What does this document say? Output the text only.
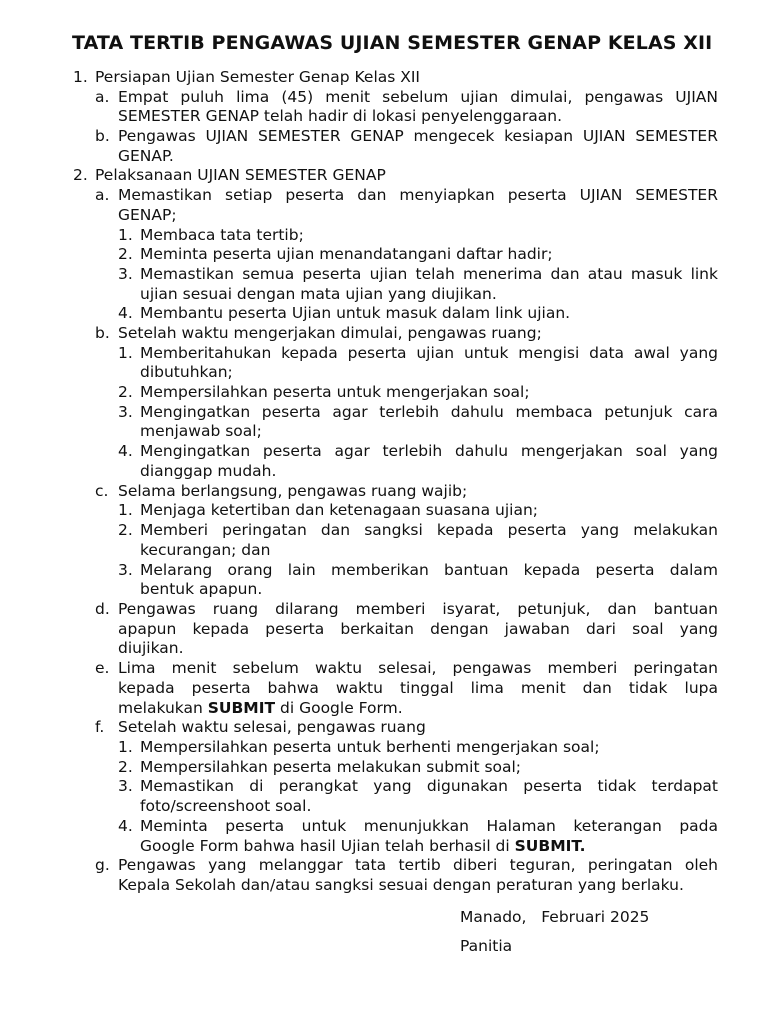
TATA TERTIB PENGAWAS UJIAN SEMESTER GENAP KELAS XII
1. Persiapan Ujian Semester Genap Kelas XII
a. Empat puluh lima (45) menit sebelum ujian dimulai, pengawas UJIAN
SEMESTER GENAP telah hadir di lokasi penyelenggaraan.
b. Pengawas UJIAN SEMESTER GENAP mengecek kesiapan UJIAN SEMESTER
GENAP.
2. Pelaksanaan UJIAN SEMESTER GENAP
a. Memastikan setiap peserta dan menyiapkan peserta UJIAN SEMESTER
GENAP;
1. Membaca tata tertib;
2. Meminta peserta ujian menandatangani daftar hadir;
3. Memastikan semua peserta ujian telah menerima dan atau masuk link
ujian sesuai dengan mata ujian yang diujikan.
4. Membantu peserta Ujian untuk masuk dalam link ujian.
b. Setelah waktu mengerjakan dimulai, pengawas ruang;
1. Memberitahukan kepada peserta ujian untuk mengisi data awal yang
dibutuhkan;
2. Mempersilahkan peserta untuk mengerjakan soal;
3. Mengingatkan peserta agar terlebih dahulu membaca petunjuk cara
menjawab soal;
4. Mengingatkan peserta agar terlebih dahulu mengerjakan soal yang
dianggap mudah.
c. Selama berlangsung, pengawas ruang wajib;
1. Menjaga ketertiban dan ketenagaan suasana ujian;
2. Memberi peringatan dan sangksi kepada peserta yang melakukan
kecurangan; dan
3. Melarang orang lain memberikan bantuan kepada peserta dalam
bentuk apapun.
d. Pengawas ruang dilarang memberi isyarat, petunjuk, dan bantuan
apapun kepada peserta berkaitan dengan jawaban dari soal yang
diujikan.
e. Lima menit sebelum waktu selesai, pengawas memberi peringatan
kepada peserta bahwa waktu tinggal lima menit dan tidak lupa
melakukan SUBMIT di Google Form.
f. Setelah waktu selesai, pengawas ruang
1. Mempersilahkan peserta untuk berhenti mengerjakan soal;
2. Mempersilahkan peserta melakukan submit soal;
3. Memastikan di perangkat yang digunakan peserta tidak terdapat
foto/screenshoot soal.
4. Meminta peserta untuk menunjukkan Halaman keterangan pada
Google Form bahwa hasil Ujian telah berhasil di SUBMIT.
g. Pengawas yang melanggar tata tertib diberi teguran, peringatan oleh
Kepala Sekolah dan/atau sangksi sesuai dengan peraturan yang berlaku.
Manado,   Februari 2025
Panitia
